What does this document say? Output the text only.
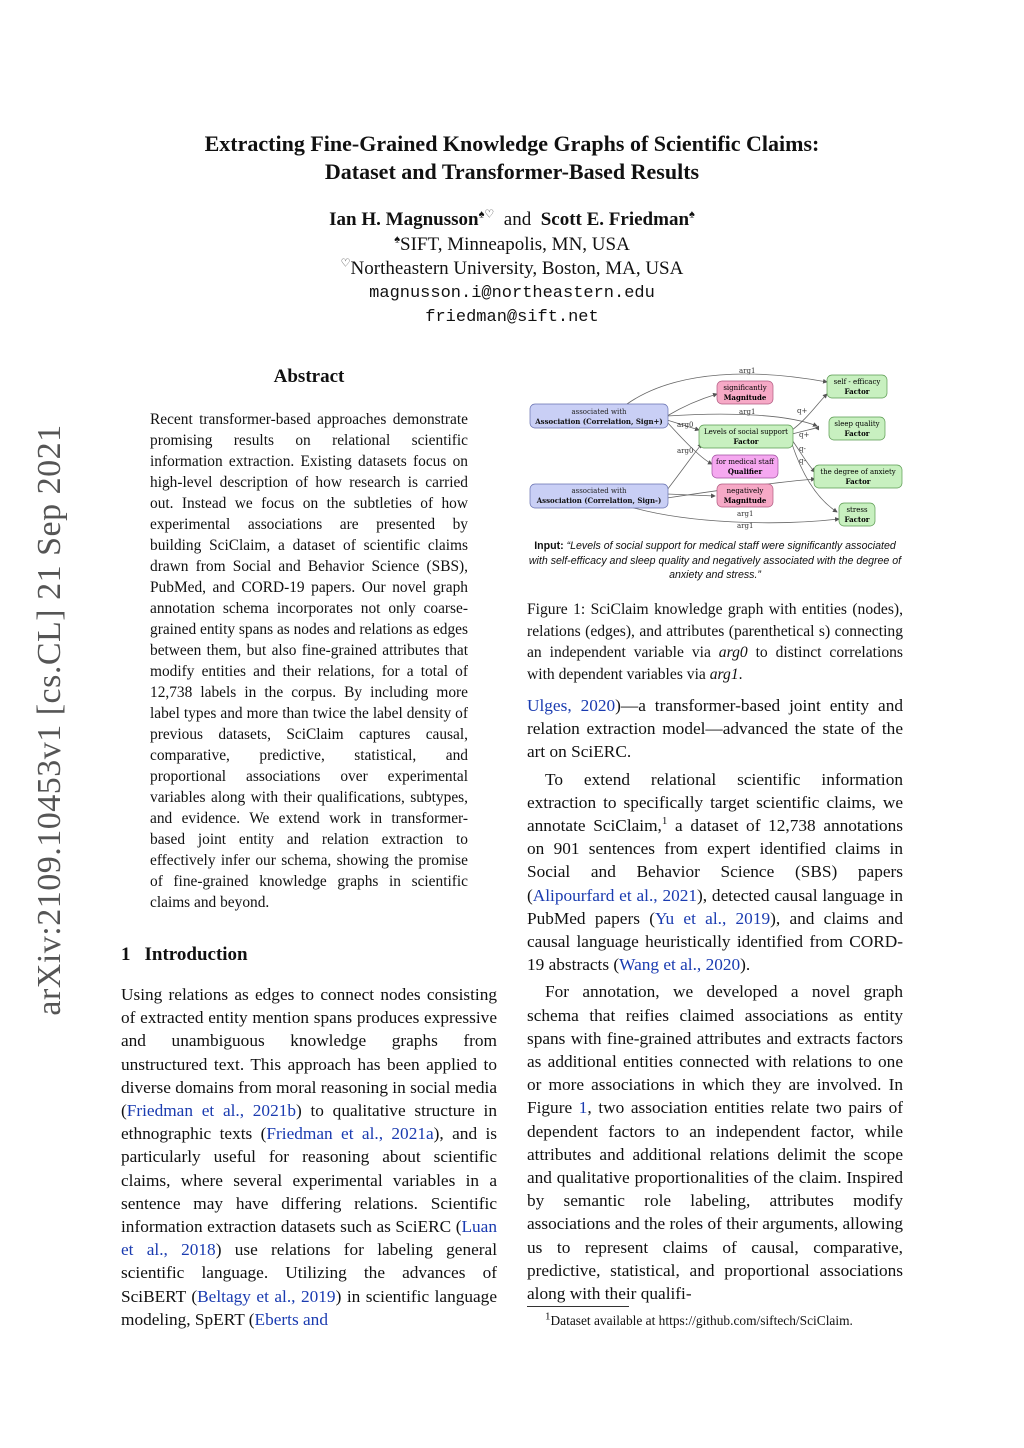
arXiv:2109.10453v1 [cs.CL] 21 Sep 2021
Extracting Fine-Grained Knowledge Graphs of Scientific Claims:
Dataset and Transformer-Based Results
Ian H. Magnusson♠♡ and Scott E. Friedman♠
♠SIFT, Minneapolis, MN, USA
♡Northeastern University, Boston, MA, USA
magnusson.i@northeastern.edu
friedman@sift.net
Abstract
Recent transformer-based approaches demonstrate promising results on relational scientific information extraction. Existing datasets focus on high-level description of how research is carried out. Instead we focus on the subtleties of how experimental associations are presented by building SciClaim, a dataset of scientific claims drawn from Social and Behavior Science (SBS), PubMed, and CORD-19 papers. Our novel graph annotation schema incorporates not only coarse-grained entity spans as nodes and relations as edges between them, but also fine-grained attributes that modify entities and their relations, for a total of 12,738 labels in the corpus. By including more label types and more than twice the label density of previous datasets, SciClaim captures causal, comparative, predictive, statistical, and proportional associations over experimental variables along with their qualifications, subtypes, and evidence. We extend work in transformer-based joint entity and relation extraction to effectively infer our schema, showing the promise of fine-grained knowledge graphs in scientific claims and beyond.
1 Introduction

Using relations as edges to connect nodes consisting of extracted entity mention spans produces expressive and unambiguous knowledge graphs from unstructured text. This approach has been applied to diverse domains from moral reasoning in social media (Friedman et al., 2021b) to qualitative structure in ethnographic texts (Friedman et al., 2021a), and is particularly useful for reasoning about scientific claims, where several experimental variables in a sentence may have differing relations. Scientific information extraction datasets such as SciERC (Luan et al., 2018) use relations for labeling general scientific language. Utilizing the advances of SciBERT (Beltagy et al., 2019) in scientific language modeling, SpERT (Eberts and

arg1
arg1
arg0
arg0
q+
q+
q-
q-
arg1
arg1
associated with
Association (Correlation, Sign+)
associated with
Association (Correlation, Sign-)
significantly
Magnitude
Levels of social support
Factor
for medical staff
Qualifier
negatively
Magnitude
self - efficacy
Factor
sleep quality
Factor
the degree of anxiety
Factor
stress
Factor
Input: “Levels of social support for medical staff were significantly associated with self-efficacy and sleep quality and negatively associated with the degree of anxiety and stress.”
Figure 1: SciClaim knowledge graph with entities (nodes), relations (edges), and attributes (parenthetical s) connecting an independent variable via arg0 to distinct correlations with dependent variables via arg1.

Ulges, 2020)—a transformer-based joint entity and relation extraction model—advanced the state of the art on SciERC.

To extend relational scientific information extraction to specifically target scientific claims, we annotate SciClaim,$^1$ a dataset of 12,738 annotations on 901 sentences from expert identified claims in Social and Behavior Science (SBS) papers (Alipourfard et al., 2021), detected causal language in PubMed papers (Yu et al., 2019), and claims and causal language heuristically identified from CORD-19 abstracts (Wang et al., 2020).

For annotation, we developed a novel graph schema that reifies claimed associations as entity spans with fine-grained attributes and extracts factors as additional entities connected with relations to one or more associations in which they are involved. In Figure 1, two association entities relate two pairs of dependent factors to an independent factor, while attributes and additional relations delimit the scope and qualitative proportionalities of the claim. Inspired by semantic role labeling, attributes modify associations and the roles of their arguments, allowing us to represent claims of causal, comparative, predictive, statistical, and proportional associations along with their qualifi-

$^1$Dataset available at https://github.com/siftech/SciClaim.
